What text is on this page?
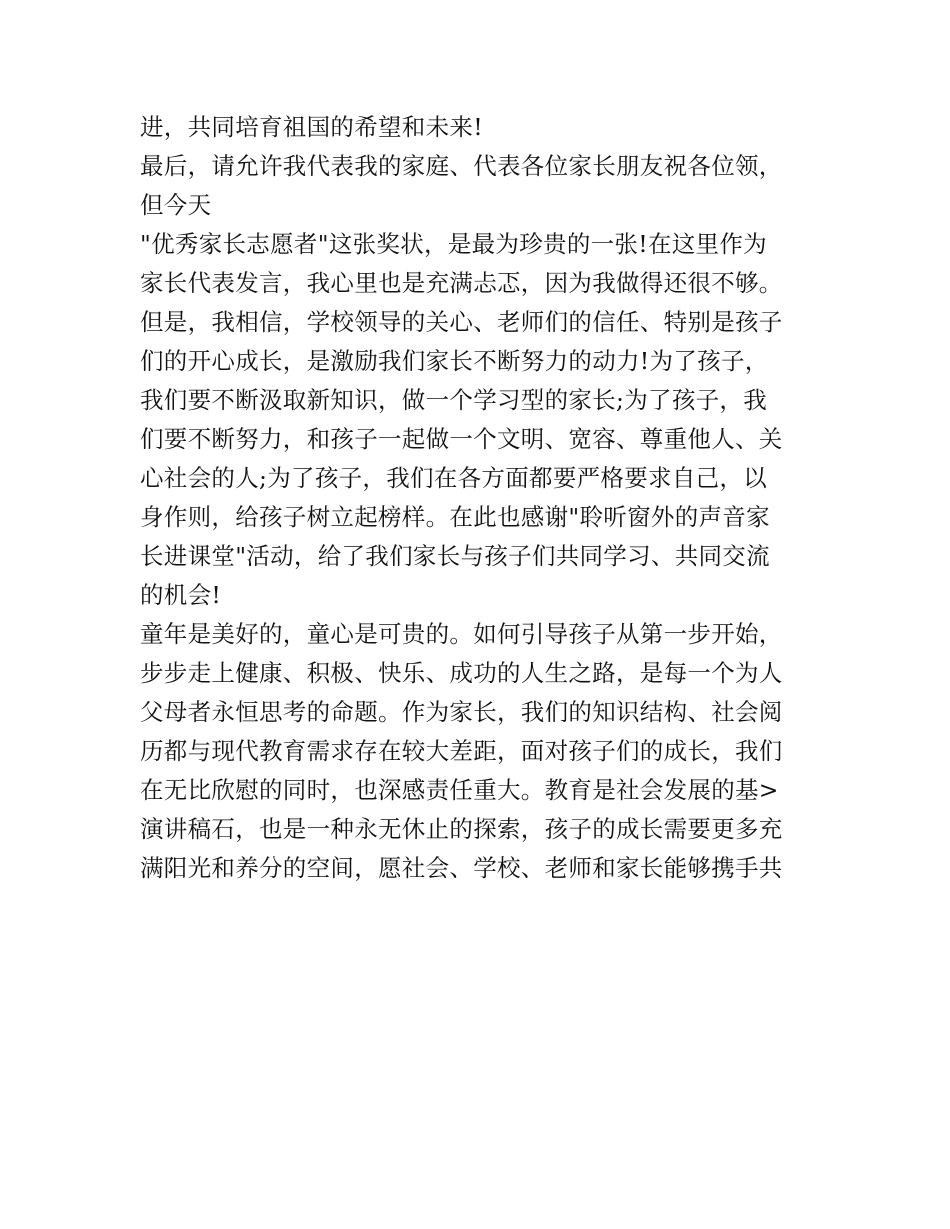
进，共同培育祖国的希望和未来!
最后，请允许我代表我的家庭、代表各位家长朋友祝各位领，
但今天
"优秀家长志愿者"这张奖状，是最为珍贵的一张!在这里作为
家长代表发言，我心里也是充满忐忑，因为我做得还很不够。
但是，我相信，学校领导的关心、老师们的信任、特别是孩子
们的开心成长，是激励我们家长不断努力的动力!为了孩子，
我们要不断汲取新知识，做一个学习型的家长;为了孩子，我
们要不断努力，和孩子一起做一个文明、宽容、尊重他人、关
心社会的人;为了孩子，我们在各方面都要严格要求自己，以
身作则，给孩子树立起榜样。在此也感谢"聆听窗外的声音家
长进课堂"活动，给了我们家长与孩子们共同学习、共同交流
的机会!
童年是美好的，童心是可贵的。如何引导孩子从第一步开始，
步步走上健康、积极、快乐、成功的人生之路，是每一个为人
父母者永恒思考的命题。作为家长，我们的知识结构、社会阅
历都与现代教育需求存在较大差距，面对孩子们的成长，我们
在无比欣慰的同时，也深感责任重大。教育是社会发展的基>
演讲稿石，也是一种永无休止的探索，孩子的成长需要更多充
满阳光和养分的空间，愿社会、学校、老师和家长能够携手共
